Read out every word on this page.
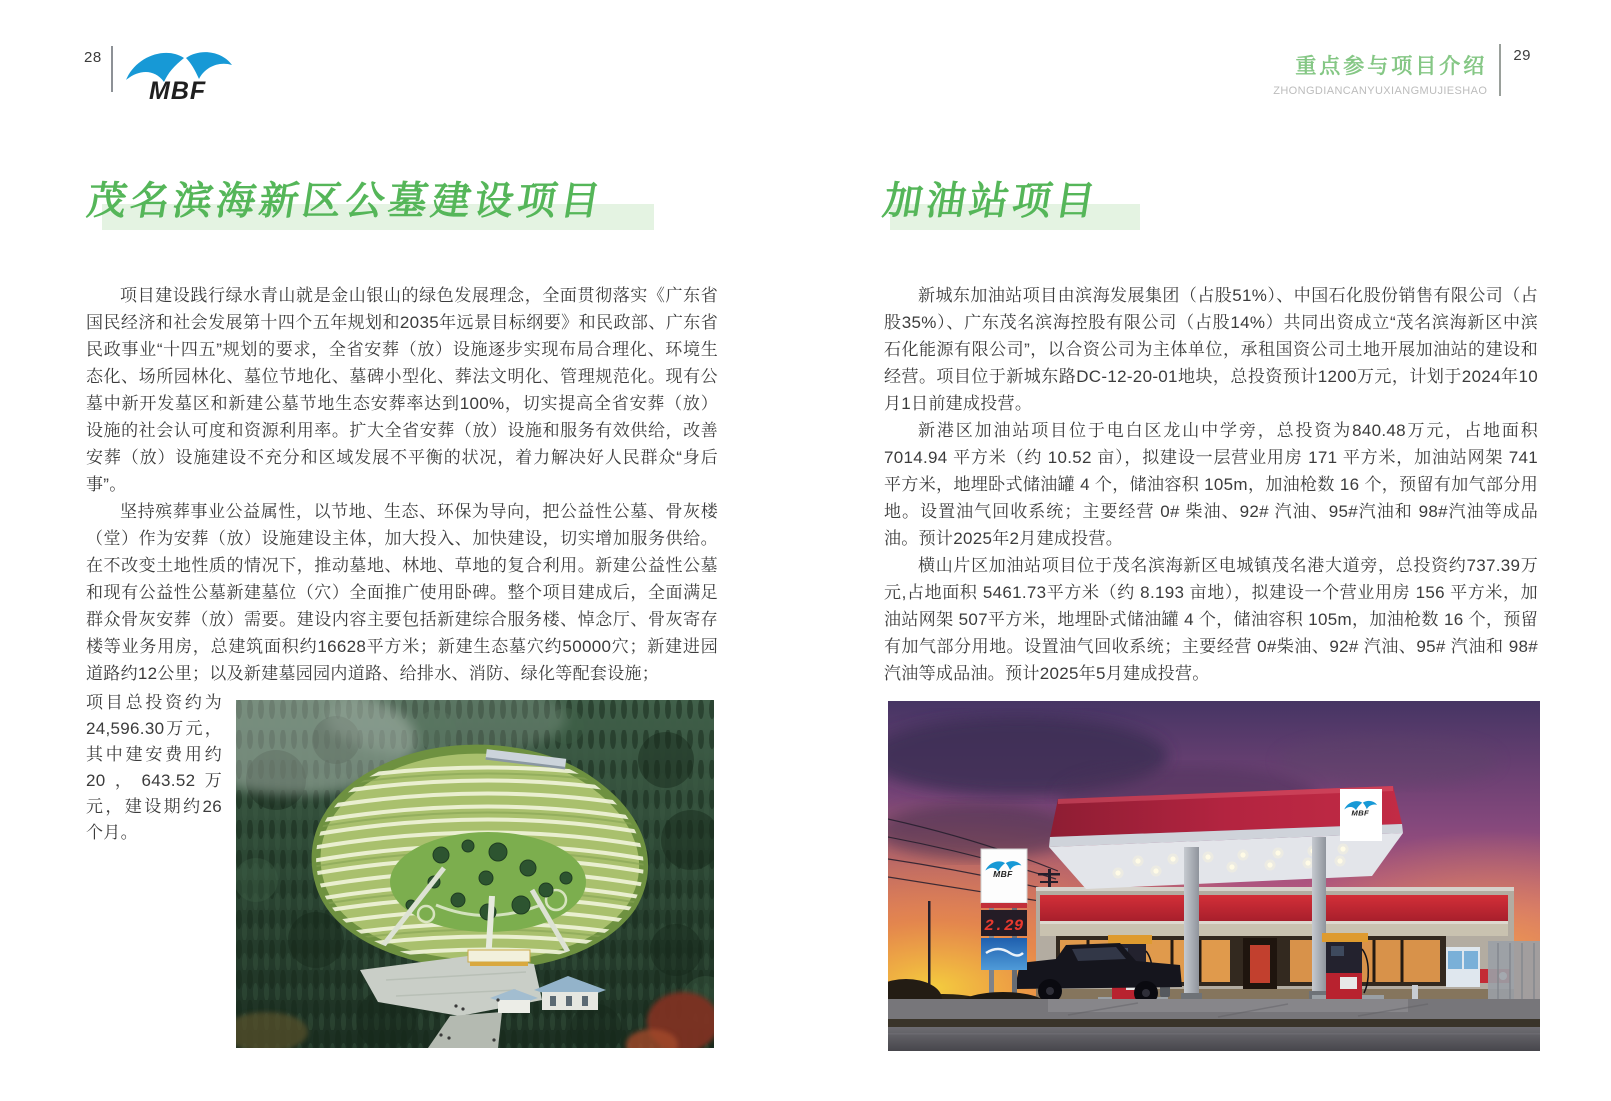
28
MBF
重点参与项目介绍
ZHONGDIANCANYUXIANGMUJIESHAO
29
茂名滨海新区公墓建设项目	加油站项目

项目建设践行绿水青山就是金山银山的绿色发展理念，全面贯彻落实《广东省国民经济和社会发展第十四个五年规划和2035年远景目标纲要》和民政部、广东省民政事业“十四五”规划的要求，全省安葬（放）设施逐步实现布局合理化、环境生态化、场所园林化、墓位节地化、墓碑小型化、葬法文明化、管理规范化。现有公墓中新开发墓区和新建公墓节地生态安葬率达到100%，切实提高全省安葬（放）设施的社会认可度和资源利用率。扩大全省安葬（放）设施和服务有效供给，改善安葬（放）设施建设不充分和区域发展不平衡的状况，着力解决好人民群众“身后事”。

坚持殡葬事业公益属性，以节地、生态、环保为导向，把公益性公墓、骨灰楼（堂）作为安葬（放）设施建设主体，加大投入、加快建设，切实增加服务供给。在不改变土地性质的情况下，推动墓地、林地、草地的复合利用。新建公益性公墓和现有公益性公墓新建墓位（穴）全面推广使用卧碑。整个项目建成后，全面满足群众骨灰安葬（放）需要。建设内容主要包括新建综合服务楼、悼念厅、骨灰寄存楼等业务用房，总建筑面积约16628平方米；新建生态墓穴约50000穴；新建进园道路约12公里；以及新建墓园园内道路、给排水、消防、绿化等配套设施；

项目总投资约为24,596.30万元，其中建安费用约20，643.52万元，建设期约26个月。

新城东加油站项目由滨海发展集团（占股51%）、中国石化股份销售有限公司（占股35%）、广东茂名滨海控股有限公司（占股14%）共同出资成立“茂名滨海新区中滨石化能源有限公司”，以合资公司为主体单位，承租国资公司土地开展加油站的建设和经营。项目位于新城东路DC-12-20-01地块，总投资预计1200万元，计划于2024年10月1日前建成投营。

新港区加油站项目位于电白区龙山中学旁，总投资为840.48万元，占地面积 7014.94 平方米（约 10.52 亩），拟建设一层营业用房 171 平方米，加油站网架 741平方米，地埋卧式储油罐 4 个，储油容积 105m，加油枪数 16 个，预留有加气部分用地。设置油气回收系统；主要经营 0# 柴油、92# 汽油、95#汽油和 98#汽油等成品油。预计2025年2月建成投营。

横山片区加油站项目位于茂名滨海新区电城镇茂名港大道旁，总投资约737.39万元,占地面积 5461.73平方米（约 8.193 亩地），拟建设一个营业用房 156 平方米，加油站网架 507平方米，地埋卧式储油罐 4 个，储油容积 105m，加油枪数 16 个，预留有加气部分用地。设置油气回收系统；主要经营 0#柴油、92# 汽油、95# 汽油和 98#汽油等成品油。预计2025年5月建成投营。

2.29
